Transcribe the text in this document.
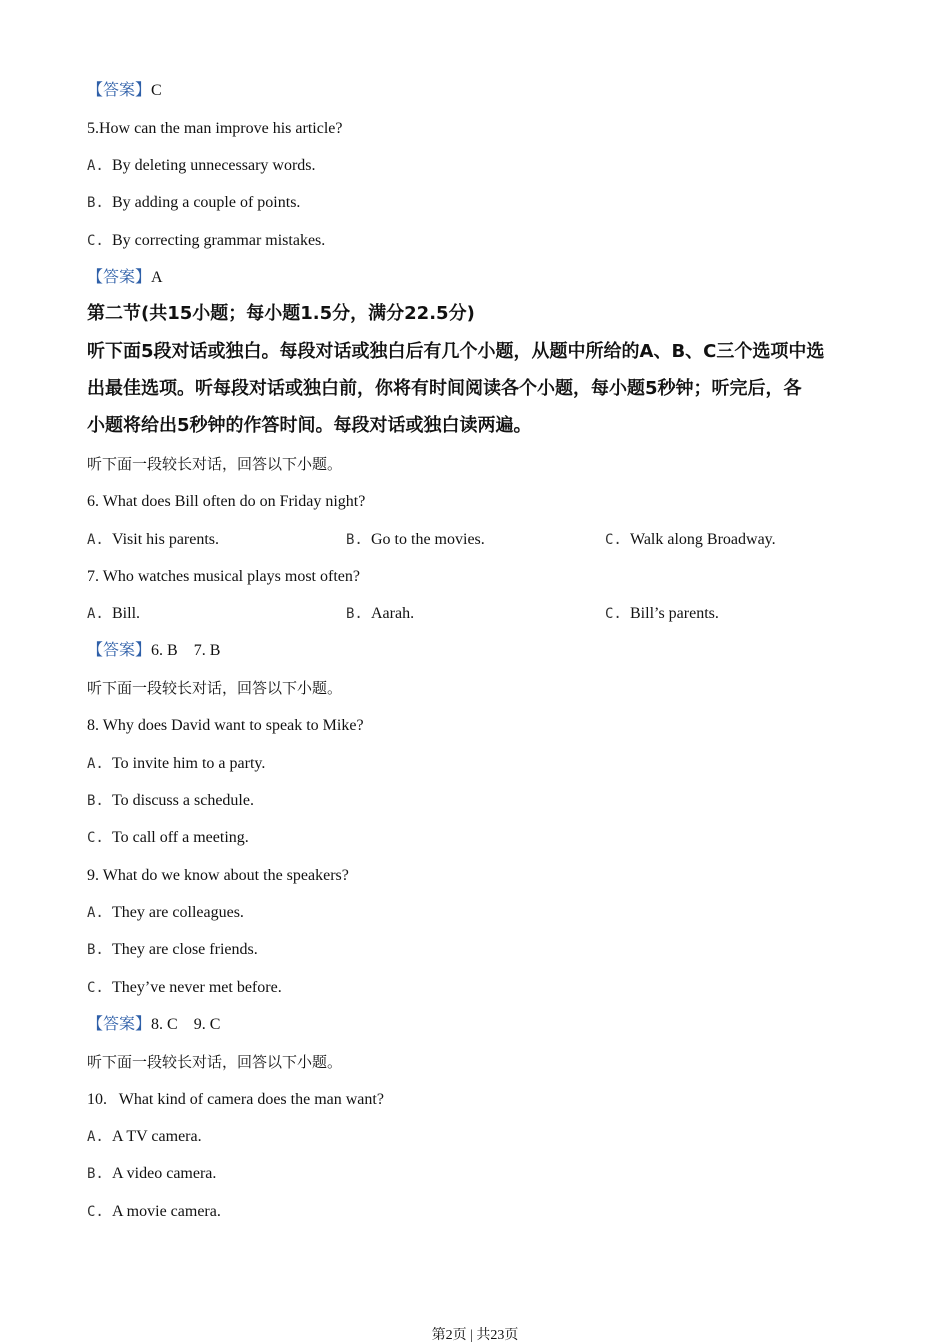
【答案】C
5.How can the man improve his article?
A. By deleting unnecessary words.
B. By adding a couple of points.
C. By correcting grammar mistakes.
【答案】A
第二节(共15小题；每小题1.5分，满分22.5分)
听下面5段对话或独白。每段对话或独白后有几个小题，从题中所给的A、B、C三个选项中选
出最佳选项。听每段对话或独白前，你将有时间阅读各个小题，每小题5秒钟；听完后，各
小题将给出5秒钟的作答时间。每段对话或独白读两遍。
听下面一段较长对话，回答以下小题。
6. What does Bill often do on Friday night?
A. Visit his parents.	B. Go to the movies.	C. Walk along Broadway.
7. Who watches musical plays most often?
A. Bill.	B. Aarah.	C. Bill’s parents.
【答案】6. B    7. B
听下面一段较长对话，回答以下小题。
8. Why does David want to speak to Mike?
A. To invite him to a party.
B. To discuss a schedule.
C. To call off a meeting.
9. What do we know about the speakers?
A. They are colleagues.
B. They are close friends.
C. They’ve never met before.
【答案】8. C    9. C
听下面一段较长对话，回答以下小题。
10.   What kind of camera does the man want?
A. A TV camera.
B. A video camera.
C. A movie camera.
第2页 | 共23页
